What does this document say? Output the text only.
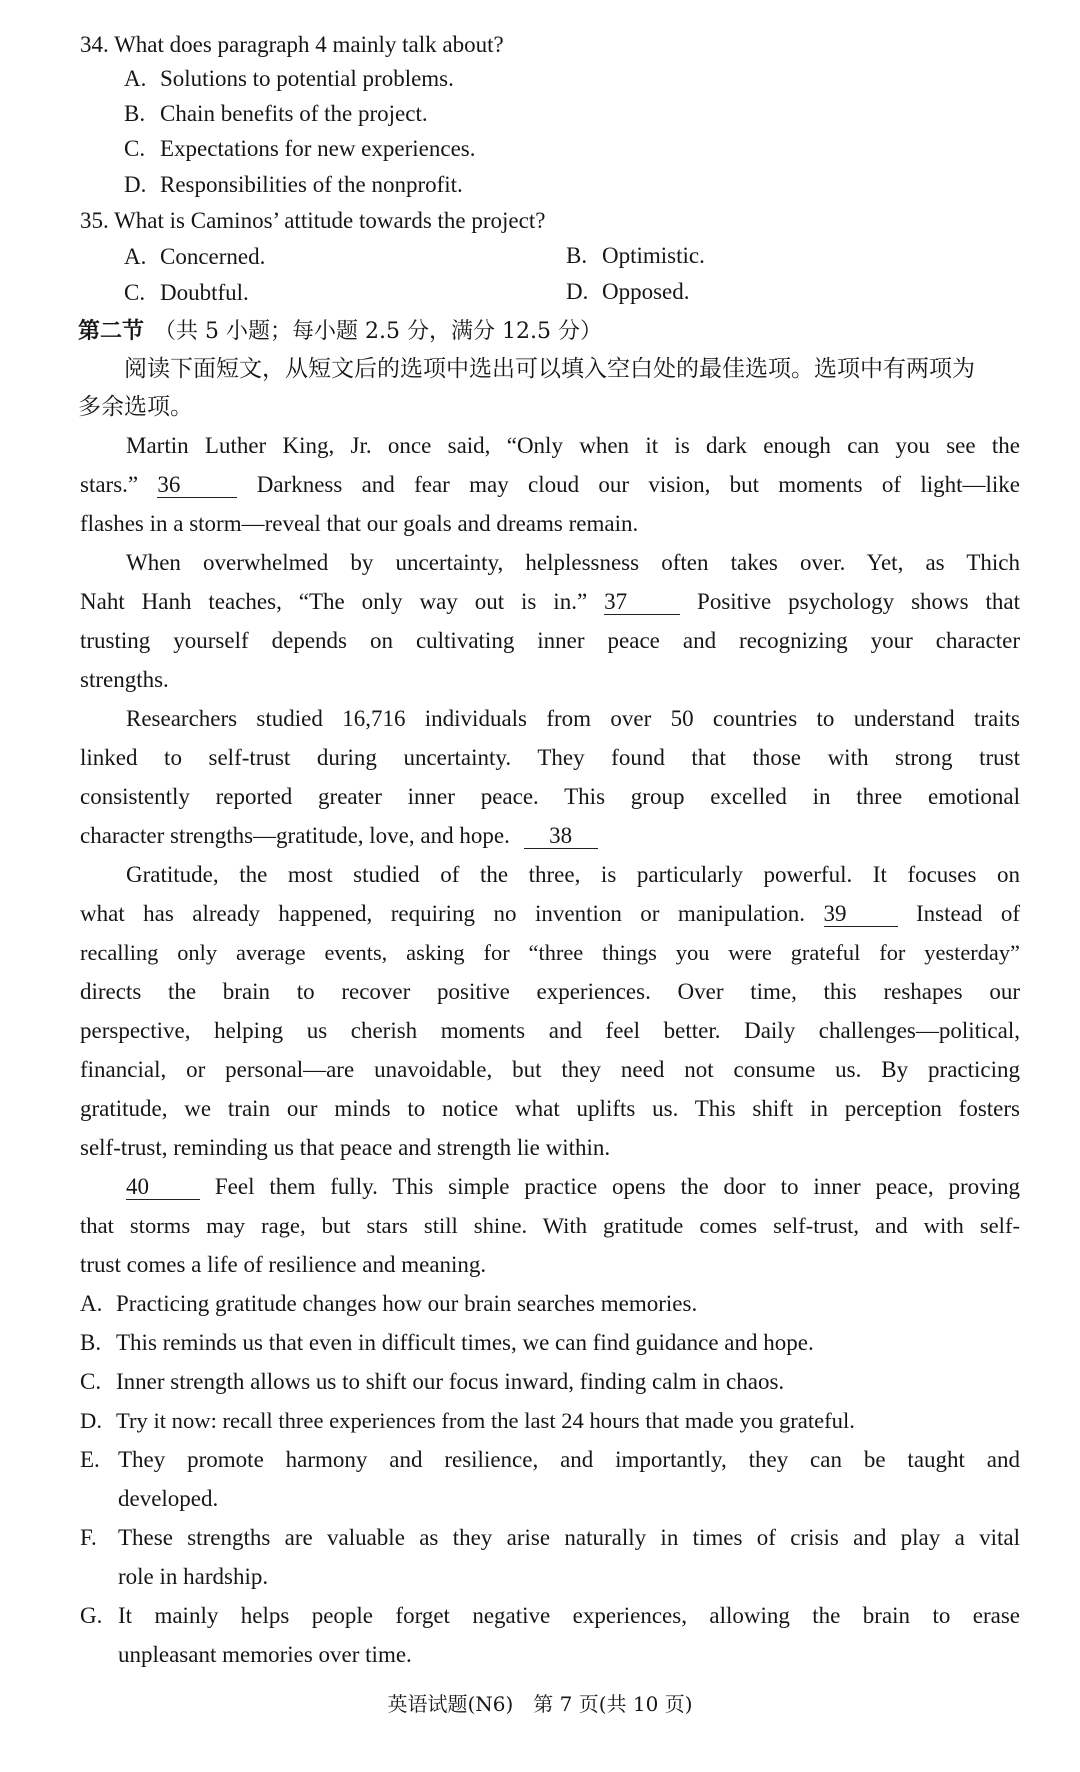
34. What does paragraph 4 mainly talk about?
A. Solutions to potential problems.
B. Chain benefits of the project.
C. Expectations for new experiences.
D. Responsibilities of the nonprofit.
35. What is Caminos’ attitude towards the project?
A. Concerned.	B. Optimistic.
C. Doubtful.	D. Opposed.
第二节 （共 5 小题；每小题 2.5 分，满分 12.5 分）
阅读下面短文，从短文后的选项中选出可以填入空白处的最佳选项。选项中有两项为
多余选项。
Martin Luther King, Jr. once said, “Only when it is dark enough can you see the
stars.” 36	Darkness and fear may cloud our vision, but moments of light—like
flashes in a storm—reveal that our goals and dreams remain.
When overwhelmed by uncertainty, helplessness often takes over. Yet, as Thich
Naht Hanh teaches, “The only way out is in.” 37	Positive psychology shows that
trusting yourself depends on cultivating inner peace and recognizing your character
strengths.
Researchers studied 16,716 individuals from over 50 countries to understand traits
linked to self-trust during uncertainty. They found that those with strong trust
consistently reported greater inner peace. This group excelled in three emotional
character strengths—gratitude, love, and hope. 38
Gratitude, the most studied of the three, is particularly powerful. It focuses on
what has already happened, requiring no invention or manipulation. 39	Instead of
recalling only average events, asking for “three things you were grateful for yesterday”
directs the brain to recover positive experiences. Over time, this reshapes our
perspective, helping us cherish moments and feel better. Daily challenges—political,
financial, or personal—are unavoidable, but they need not consume us. By practicing
gratitude, we train our minds to notice what uplifts us. This shift in perception fosters
self-trust, reminding us that peace and strength lie within.
40	Feel them fully. This simple practice opens the door to inner peace, proving
that storms may rage, but stars still shine. With gratitude comes self-trust, and with self-
trust comes a life of resilience and meaning.
A. Practicing gratitude changes how our brain searches memories.
B. This reminds us that even in difficult times, we can find guidance and hope.
C. Inner strength allows us to shift our focus inward, finding calm in chaos.
D. Try it now: recall three experiences from the last 24 hours that made you grateful.
E. They promote harmony and resilience, and importantly, they can be taught and
developed.
F. These strengths are valuable as they arise naturally in times of crisis and play a vital
role in hardship.
G. It mainly helps people forget negative experiences, allowing the brain to erase
unpleasant memories over time.
英语试题(N6)　第 7 页(共 10 页)
